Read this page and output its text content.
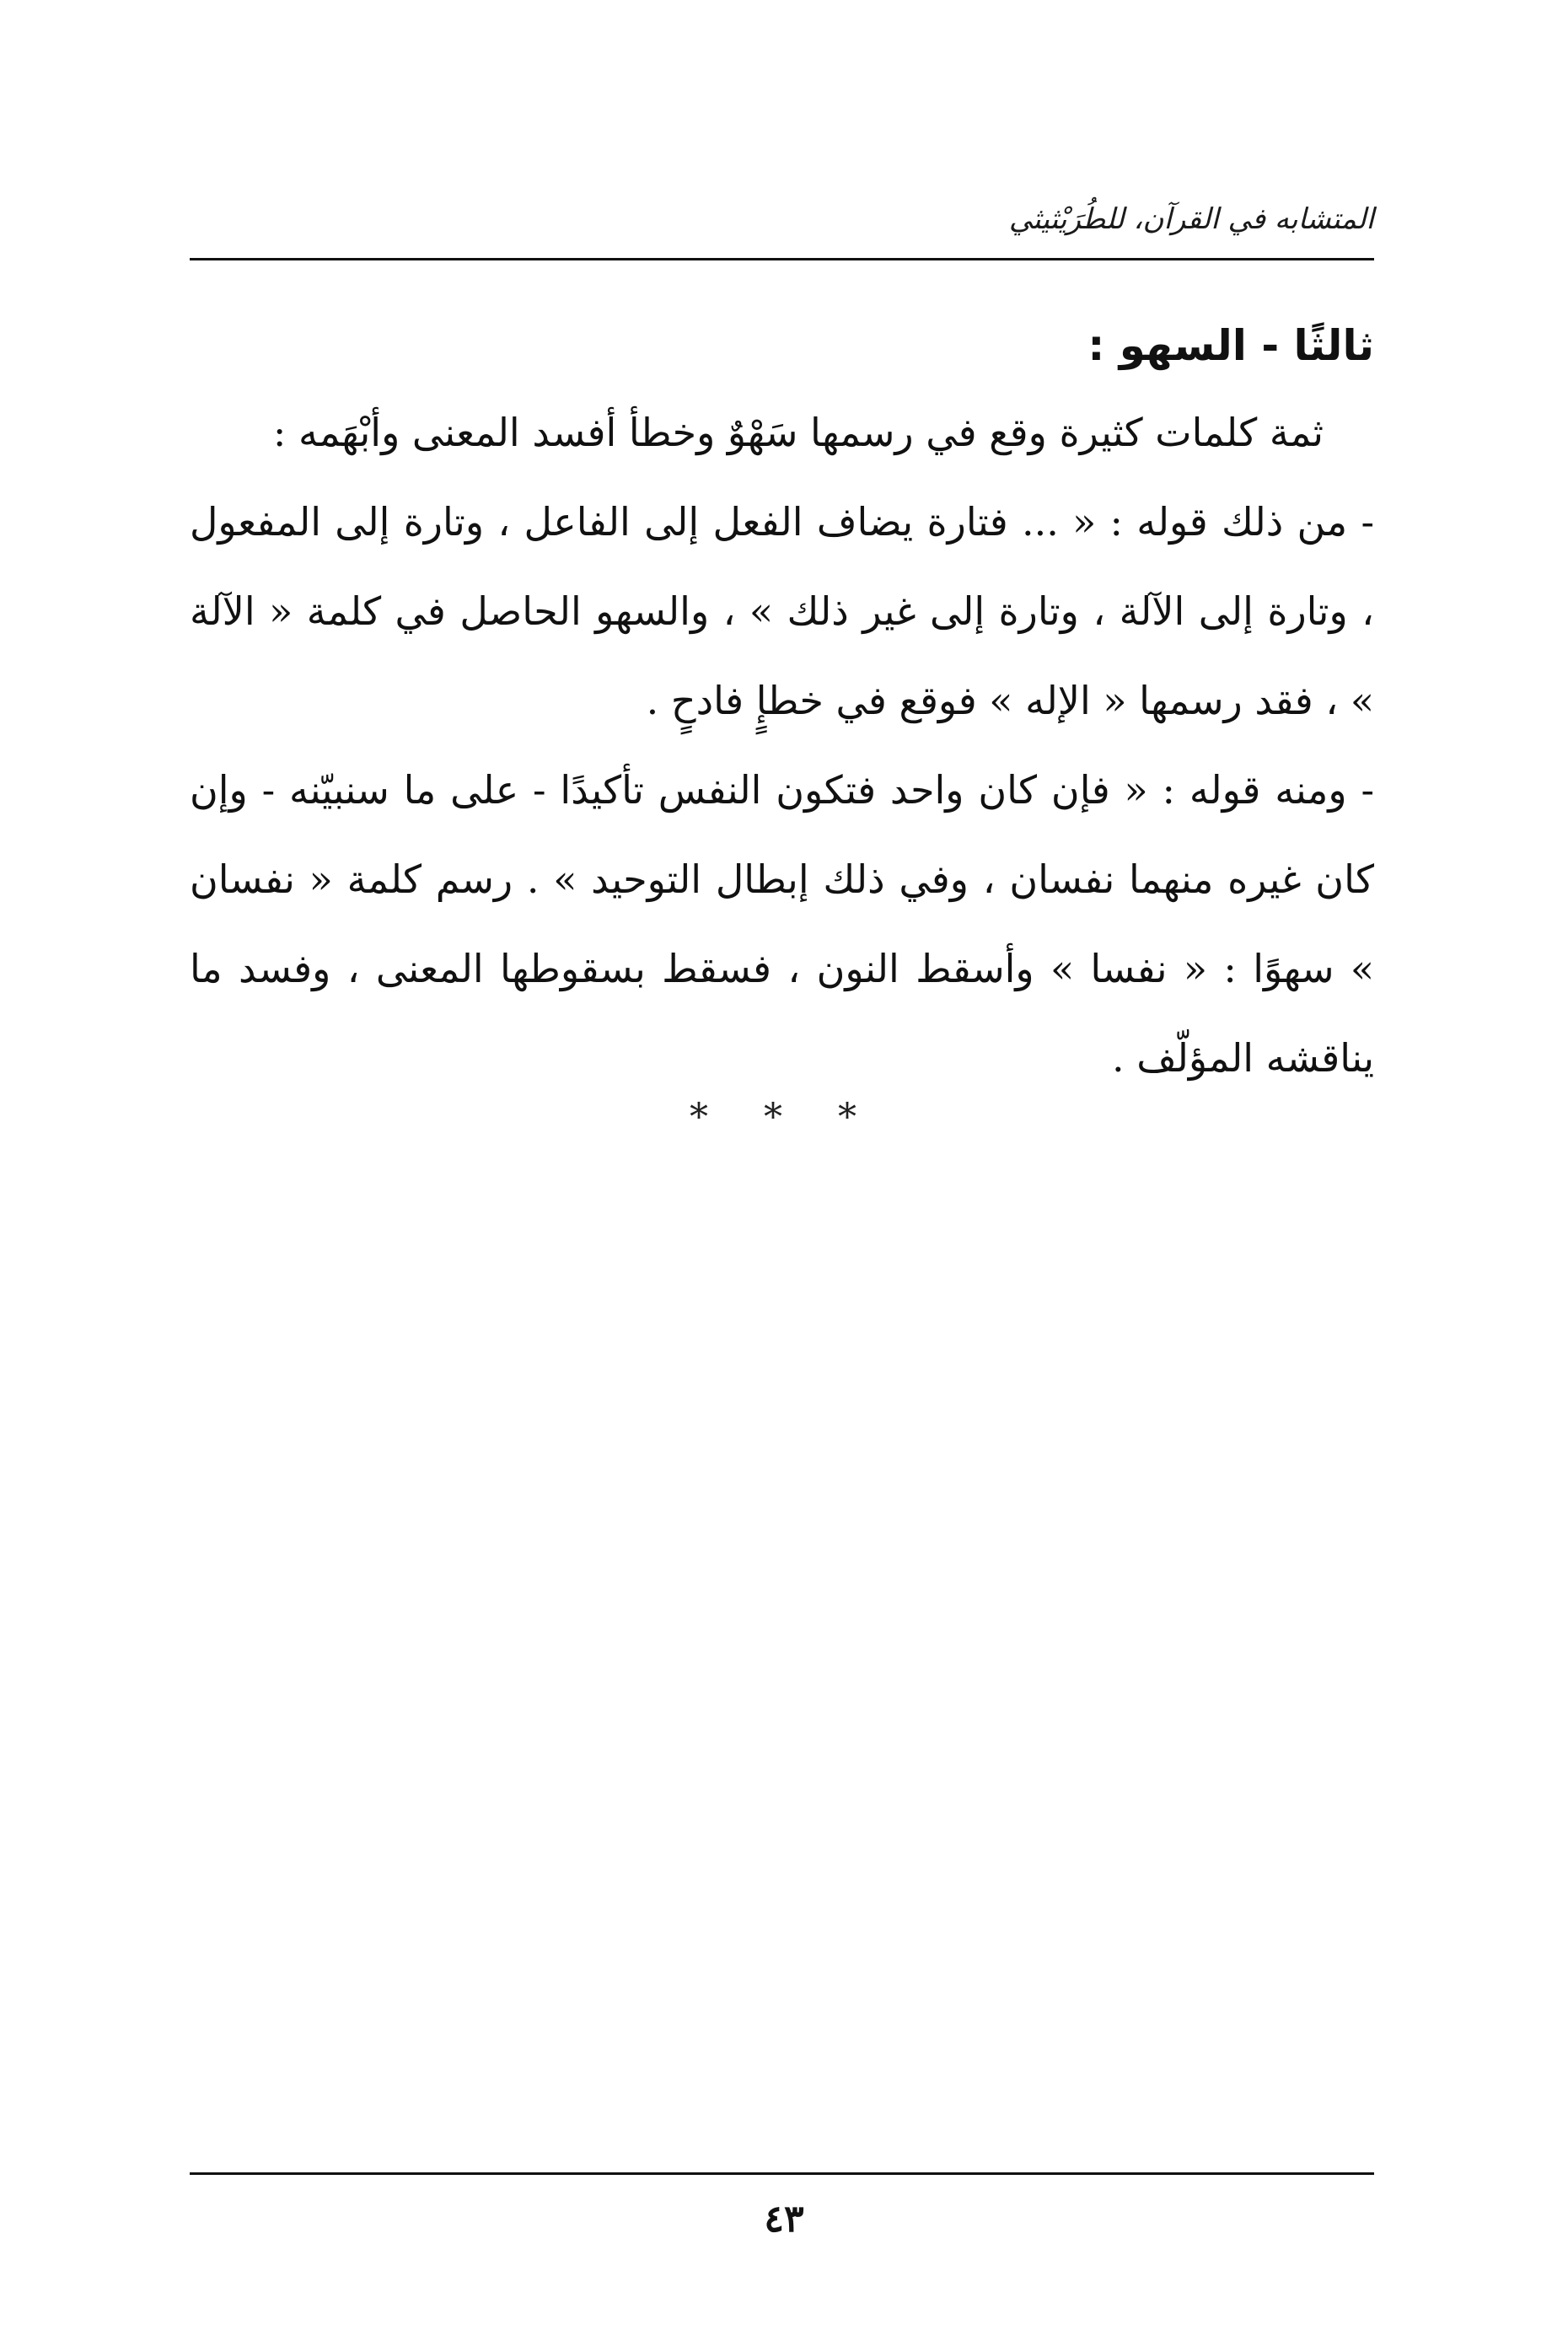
المتشابه في القرآن، للطُرَيْثيثي
ثالثًا - السهو :

ثمة كلمات كثيرة وقع في رسمها سَهْوٌ وخطأ أفسد المعنى وأبْهَمه :

- من ذلك قوله : « ... فتارة يضاف الفعل إلى الفاعل ، وتارة إلى المفعول ، وتارة إلى الآلة ، وتارة إلى غير ذلك » ، والسهو الحاصل في كلمة « الآلة » ، فقد رسمها « الإله » فوقع في خطإٍ فادحٍ .

- ومنه قوله : « فإن كان واحد فتكون النفس تأكيدًا - على ما سنبيّنه - وإن كان غيره منهما نفسان ، وفي ذلك إبطال التوحيد » . رسم كلمة « نفسان » سهوًا : « نفسا » وأسقط النون ، فسقط بسقوطها المعنى ، وفسد ما يناقشه المؤلّف .

* * *
٤٣
